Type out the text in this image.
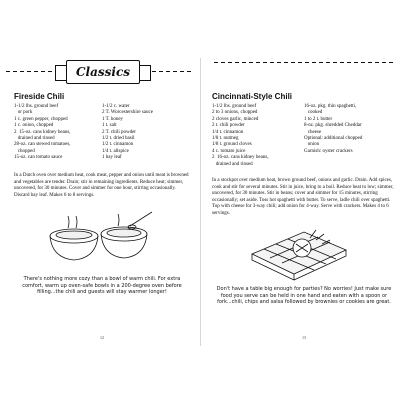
Classics
Fireside Chili
1-1/2 lbs. ground beef
or pork
1 c. green pepper, chopped
1 c. onion, chopped
2  15-oz. cans kidney beans,
drained and rinsed
28-oz. can stewed tomatoes,
chopped
15-oz. can tomato sauce
1-1/2 c. water
2 T. Worcestershire sauce
1 T. honey
1 t. salt
2 T. chili powder
1/2 t. dried basil
1/2 t. cinnamon
1/4 t. allspice
1 bay leaf
In a Dutch oven over medium heat, cook meat, pepper and onion until meat is browned and vegetables are tender. Drain; stir in remaining ingredients. Reduce heat; simmer, uncovered, for 30 minutes. Cover and simmer for one hour, stirring occasionally. Discard bay leaf. Makes 6 to 8 servings.
There's nothing more cozy than a bowl of warm chili. For extra comfort, warm up oven-safe bowls in a 200-degree oven before filling...the chili and guests will stay warmer longer!
12
Cincinnati-Style Chili
1-1/2 lbs. ground beef
2 to 3 onions, chopped
2 cloves garlic, minced
2 t. chili powder
1/4 t. cinnamon
1/8 t. nutmeg
1/8 t. ground cloves
4 c. tomato juice
2  16-oz. cans kidney beans,
drained and rinsed
16-oz. pkg. thin spaghetti,
cooked
1 to 2 t. butter
8-oz. pkg. shredded Cheddar
cheese
Optional: additional chopped
onion
Garnish: oyster crackers
In a stockpot over medium heat, brown ground beef, onions and garlic. Drain. Add spices, cook and stir for several minutes. Stir in juice, bring to a boil. Reduce heat to low; simmer, uncovered, for 30 minutes. Stir in beans; cover and simmer for 15 minutes, stirring occasionally; set aside. Toss hot spaghetti with butter. To serve, ladle chili over spaghetti. Top with cheese for 3-way chili; add onion for 4-way. Serve with crackers. Makes 4 to 6 servings.
Don't have a table big enough for parties? No worries! Just make sure food you serve can be held in one hand and eaten with a spoon or fork...chili, chips and salsa followed by brownies or cookies are great.
13
